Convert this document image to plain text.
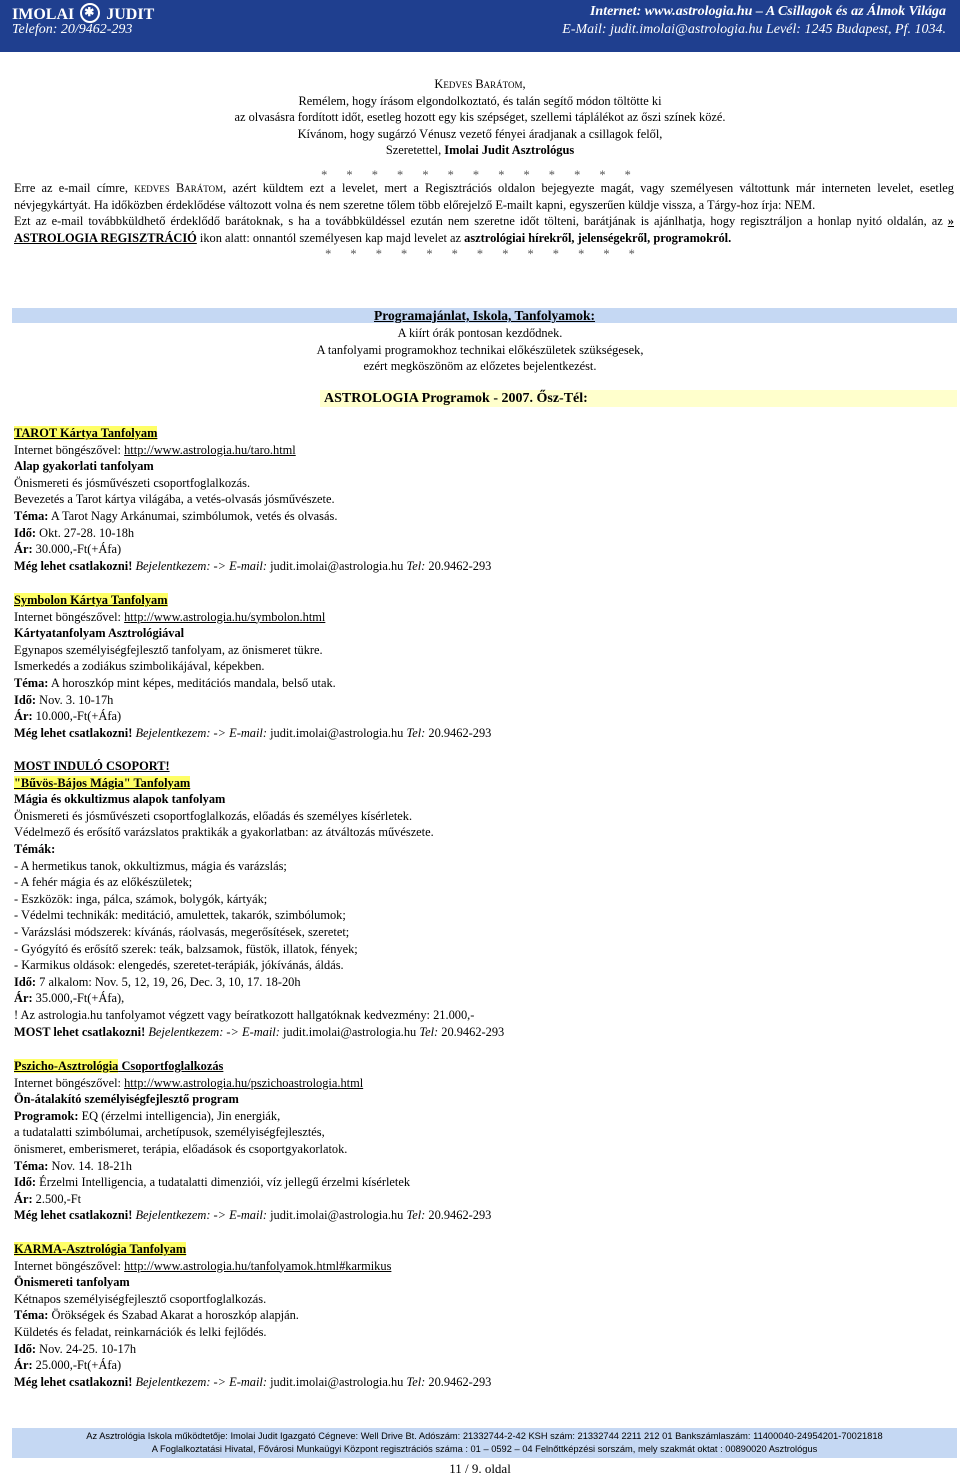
IMOLAI✱ JUDIT
Telefon: 20/9462-293
Internet: www.astrologia.hu – A Csillagok és az Álmok Világa
E-Mail: judit.imolai@astrologia.hu Levél: 1245 Budapest, Pf. 1034.
Kedves Barátom,
Remélem, hogy írásom elgondolkoztató, és talán segítő módon töltötte ki
az olvasásra fordított időt, esetleg hozott egy kis szépséget, szellemi táplálékot az őszi színek közé.
Kívánom, hogy sugárzó Vénusz vezető fényei áradjanak a csillagok felől,
Szeretettel, Imolai Judit Asztrológus
* * * * * * * * * * * * *

Erre az e-mail címre, kedves Barátom, azért küldtem ezt a levelet, mert a Regisztrációs oldalon bejegyezte magát, vagy személyesen váltottunk már interneten levelet, esetleg névjegykártyát. Ha időközben érdeklődése változott volna és nem szeretne tőlem több előrejelző E-mailt kapni, egyszerűen küldje vissza, a Tárgy-hoz írja: NEM.

Ezt az e-mail továbbküldhető érdeklődő barátoknak, s ha a továbbküldéssel ezután nem szeretne időt tölteni, barátjának is ajánlhatja, hogy regisztráljon a honlap nyitó oldalán, az » ASTROLOGIA REGISZTRÁCIÓ ikon alatt: onnantól személyesen kap majd levelet az asztrológiai hírekről, jelenségekről, programokról.

* * * * * * * * * * * * *
Programajánlat, Iskola, Tanfolyamok:
A kiírt órák pontosan kezdődnek.
A tanfolyami programokhoz technikai előkészületek szükségesek,
ezért megköszönöm az előzetes bejelentkezést.
ASTROLOGIA Programok - 2007. Ősz-Tél:
TAROT Kártya Tanfolyam
Internet böngészővel: http://www.astrologia.hu/taro.html
Alap gyakorlati tanfolyam
Önismereti és jósművészeti csoportfoglalkozás.
Bevezetés a Tarot kártya világába, a vetés-olvasás jósművészete.
Téma: A Tarot Nagy Arkánumai, szimbólumok, vetés és olvasás.
Idő: Okt. 27-28. 10-18h
Ár: 30.000,-Ft(+Áfa)
Még lehet csatlakozni! Bejelentkezem: -> E-mail: judit.imolai@astrologia.hu Tel: 20.9462-293
Symbolon Kártya Tanfolyam
Internet böngészővel: http://www.astrologia.hu/symbolon.html
Kártyatanfolyam Asztrológiával
Egynapos személyiségfejlesztő tanfolyam, az önismeret tükre.
Ismerkedés a zodiákus szimbolikájával, képekben.
Téma: A horoszkóp mint képes, meditációs mandala, belső utak.
Idő: Nov. 3. 10-17h
Ár: 10.000,-Ft(+Áfa)
Még lehet csatlakozni! Bejelentkezem: -> E-mail: judit.imolai@astrologia.hu Tel: 20.9462-293
MOST INDULÓ CSOPORT!
"Bűvös-Bájos Mágia" Tanfolyam
Mágia és okkultizmus alapok tanfolyam
Önismereti és jósművészeti csoportfoglalkozás, előadás és személyes kísérletek.
Védelmező és erősítő varázslatos praktikák a gyakorlatban: az átváltozás művészete.
Témák:
- A hermetikus tanok, okkultizmus, mágia és varázslás;
- A fehér mágia és az előkészületek;
- Eszközök: inga, pálca, számok, bolygók, kártyák;
- Védelmi technikák: meditáció, amulettek, takarók, szimbólumok;
- Varázslási módszerek: kívánás, ráolvasás, megerősítések, szeretet;
- Gyógyító és erősítő szerek: teák, balzsamok, füstök, illatok, fények;
- Karmikus oldások: elengedés, szeretet-terápiák, jókívánás, áldás.
Idő: 7 alkalom: Nov. 5, 12, 19, 26, Dec. 3, 10, 17. 18-20h
Ár: 35.000,-Ft(+Áfa),
! Az astrologia.hu tanfolyamot végzett vagy beíratkozott hallgatóknak kedvezmény: 21.000,-
MOST lehet csatlakozni! Bejelentkezem: -> E-mail: judit.imolai@astrologia.hu Tel: 20.9462-293
Pszicho-Asztrológia Csoportfoglalkozás
Internet böngészővel: http://www.astrologia.hu/pszichoastrologia.html
Ön-átalakító személyiségfejlesztő program
Programok: EQ (érzelmi intelligencia), Jin energiák,
a tudatalatti szimbólumai, archetípusok, személyiségfejlesztés,
önismeret, emberismeret, terápia, előadások és csoportgyakorlatok.
Téma: Nov. 14. 18-21h
Idő: Érzelmi Intelligencia, a tudatalatti dimenziói, víz jellegű érzelmi kísérletek
Ár: 2.500,-Ft
Még lehet csatlakozni! Bejelentkezem: -> E-mail: judit.imolai@astrologia.hu Tel: 20.9462-293
KARMA-Asztrológia Tanfolyam
Internet böngészővel: http://www.astrologia.hu/tanfolyamok.html#karmikus
Önismereti tanfolyam
Kétnapos személyiségfejlesztő csoportfoglalkozás.
Téma: Örökségek és Szabad Akarat a horoszkóp alapján.
Küldetés és feladat, reinkarnációk és lelki fejlődés.
Idő: Nov. 24-25. 10-17h
Ár: 25.000,-Ft(+Áfa)
Még lehet csatlakozni! Bejelentkezem: -> E-mail: judit.imolai@astrologia.hu Tel: 20.9462-293
Az Asztrológia Iskola működtetője: Imolai Judit Igazgató Cégneve: Well Drive Bt. Adószám: 21332744-2-42 KSH szám: 21332744 2211 212 01 Bankszámlaszám: 11400040-24954201-70021818
A Foglalkoztatási Hivatal, Fővárosi Munkaügyi Központ regisztrációs száma : 01 – 0592 – 04 Felnőttképzési sorszám, mely szakmát oktat : 00890020 Asztrológus
11 / 9. oldal
